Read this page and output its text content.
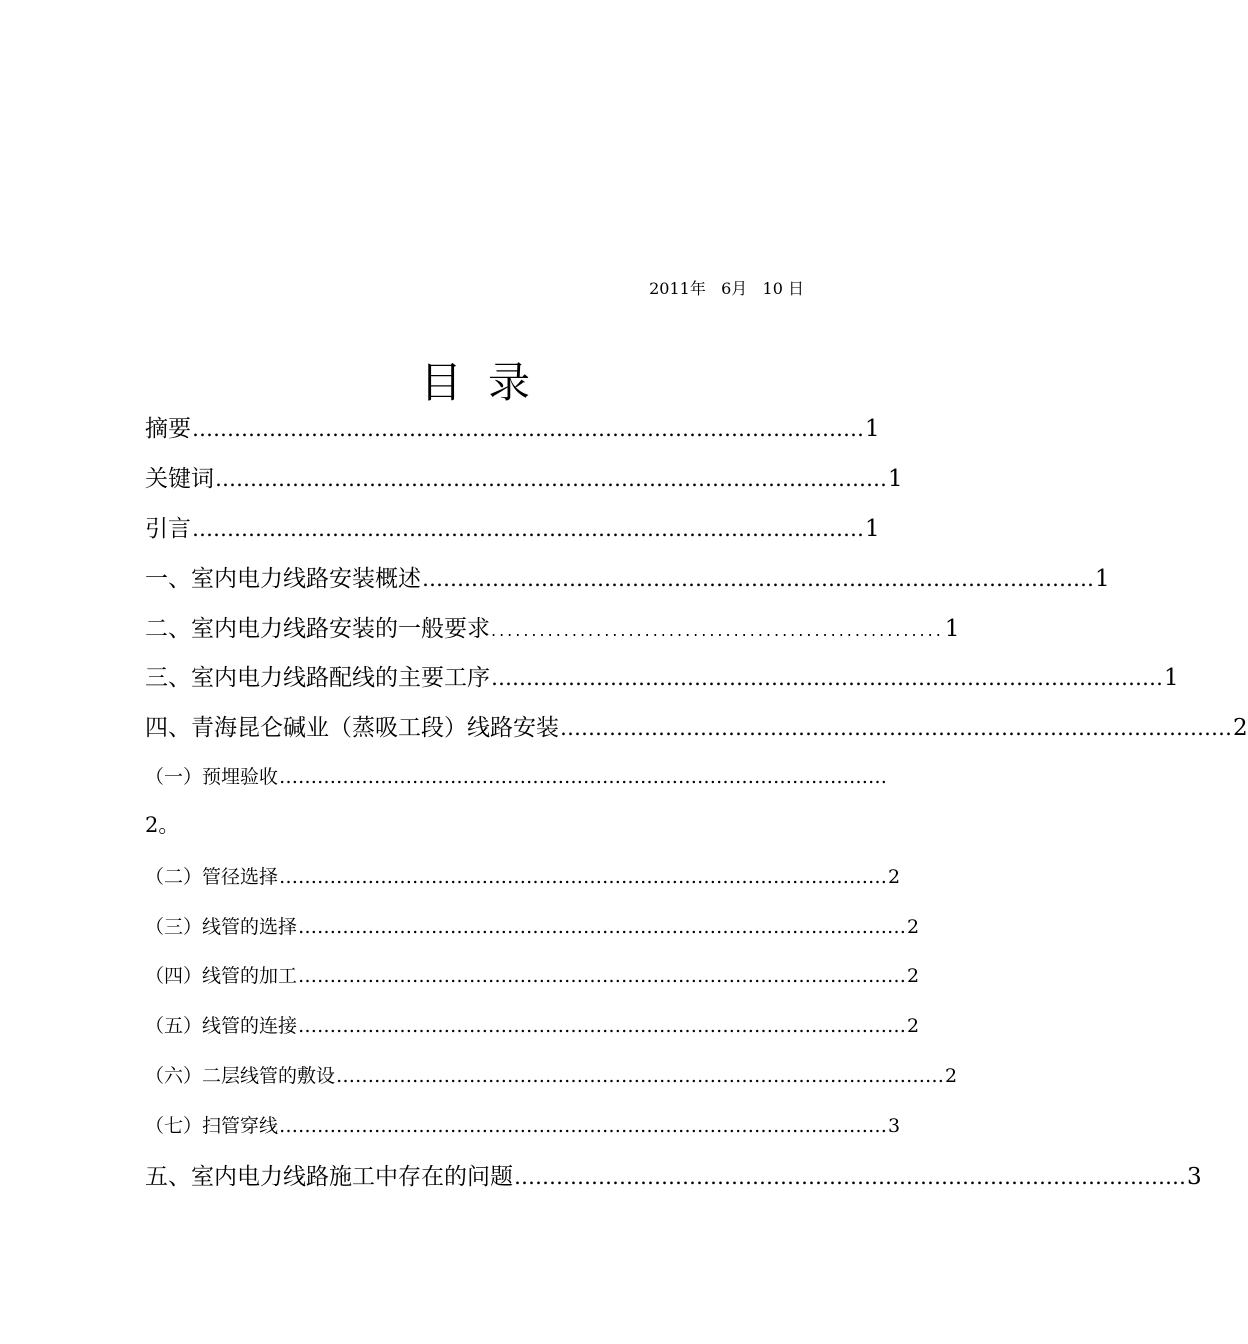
2011年   6月   10 日
目录
摘要 …………………………………………………………………………………… 1
关键词 …………………………………………………………………………………… 1
引言 …………………………………………………………………………………… 1
一、室内电力线路安装概述 …………………………………………………………………………………… 1
二、室内电力线路安装的一般要求 ........................................................ 1
三、室内电力线路配线的主要工序 …………………………………………………………………………………… 1
四、青海昆仑碱业（蒸吸工段）线路安装 …………………………………………………………………………………… 2
（一）预埋验收 ……………………………………………………………………………………
2。
（二）管径选择 …………………………………………………………………………………… 2
（三）线管的选择 …………………………………………………………………………………… 2
（四）线管的加工 …………………………………………………………………………………… 2
（五）线管的连接 …………………………………………………………………………………… 2
（六）二层线管的敷设 …………………………………………………………………………………… 2
（七）扫管穿线 …………………………………………………………………………………… 3
五、室内电力线路施工中存在的问题 …………………………………………………………………………………… 3
